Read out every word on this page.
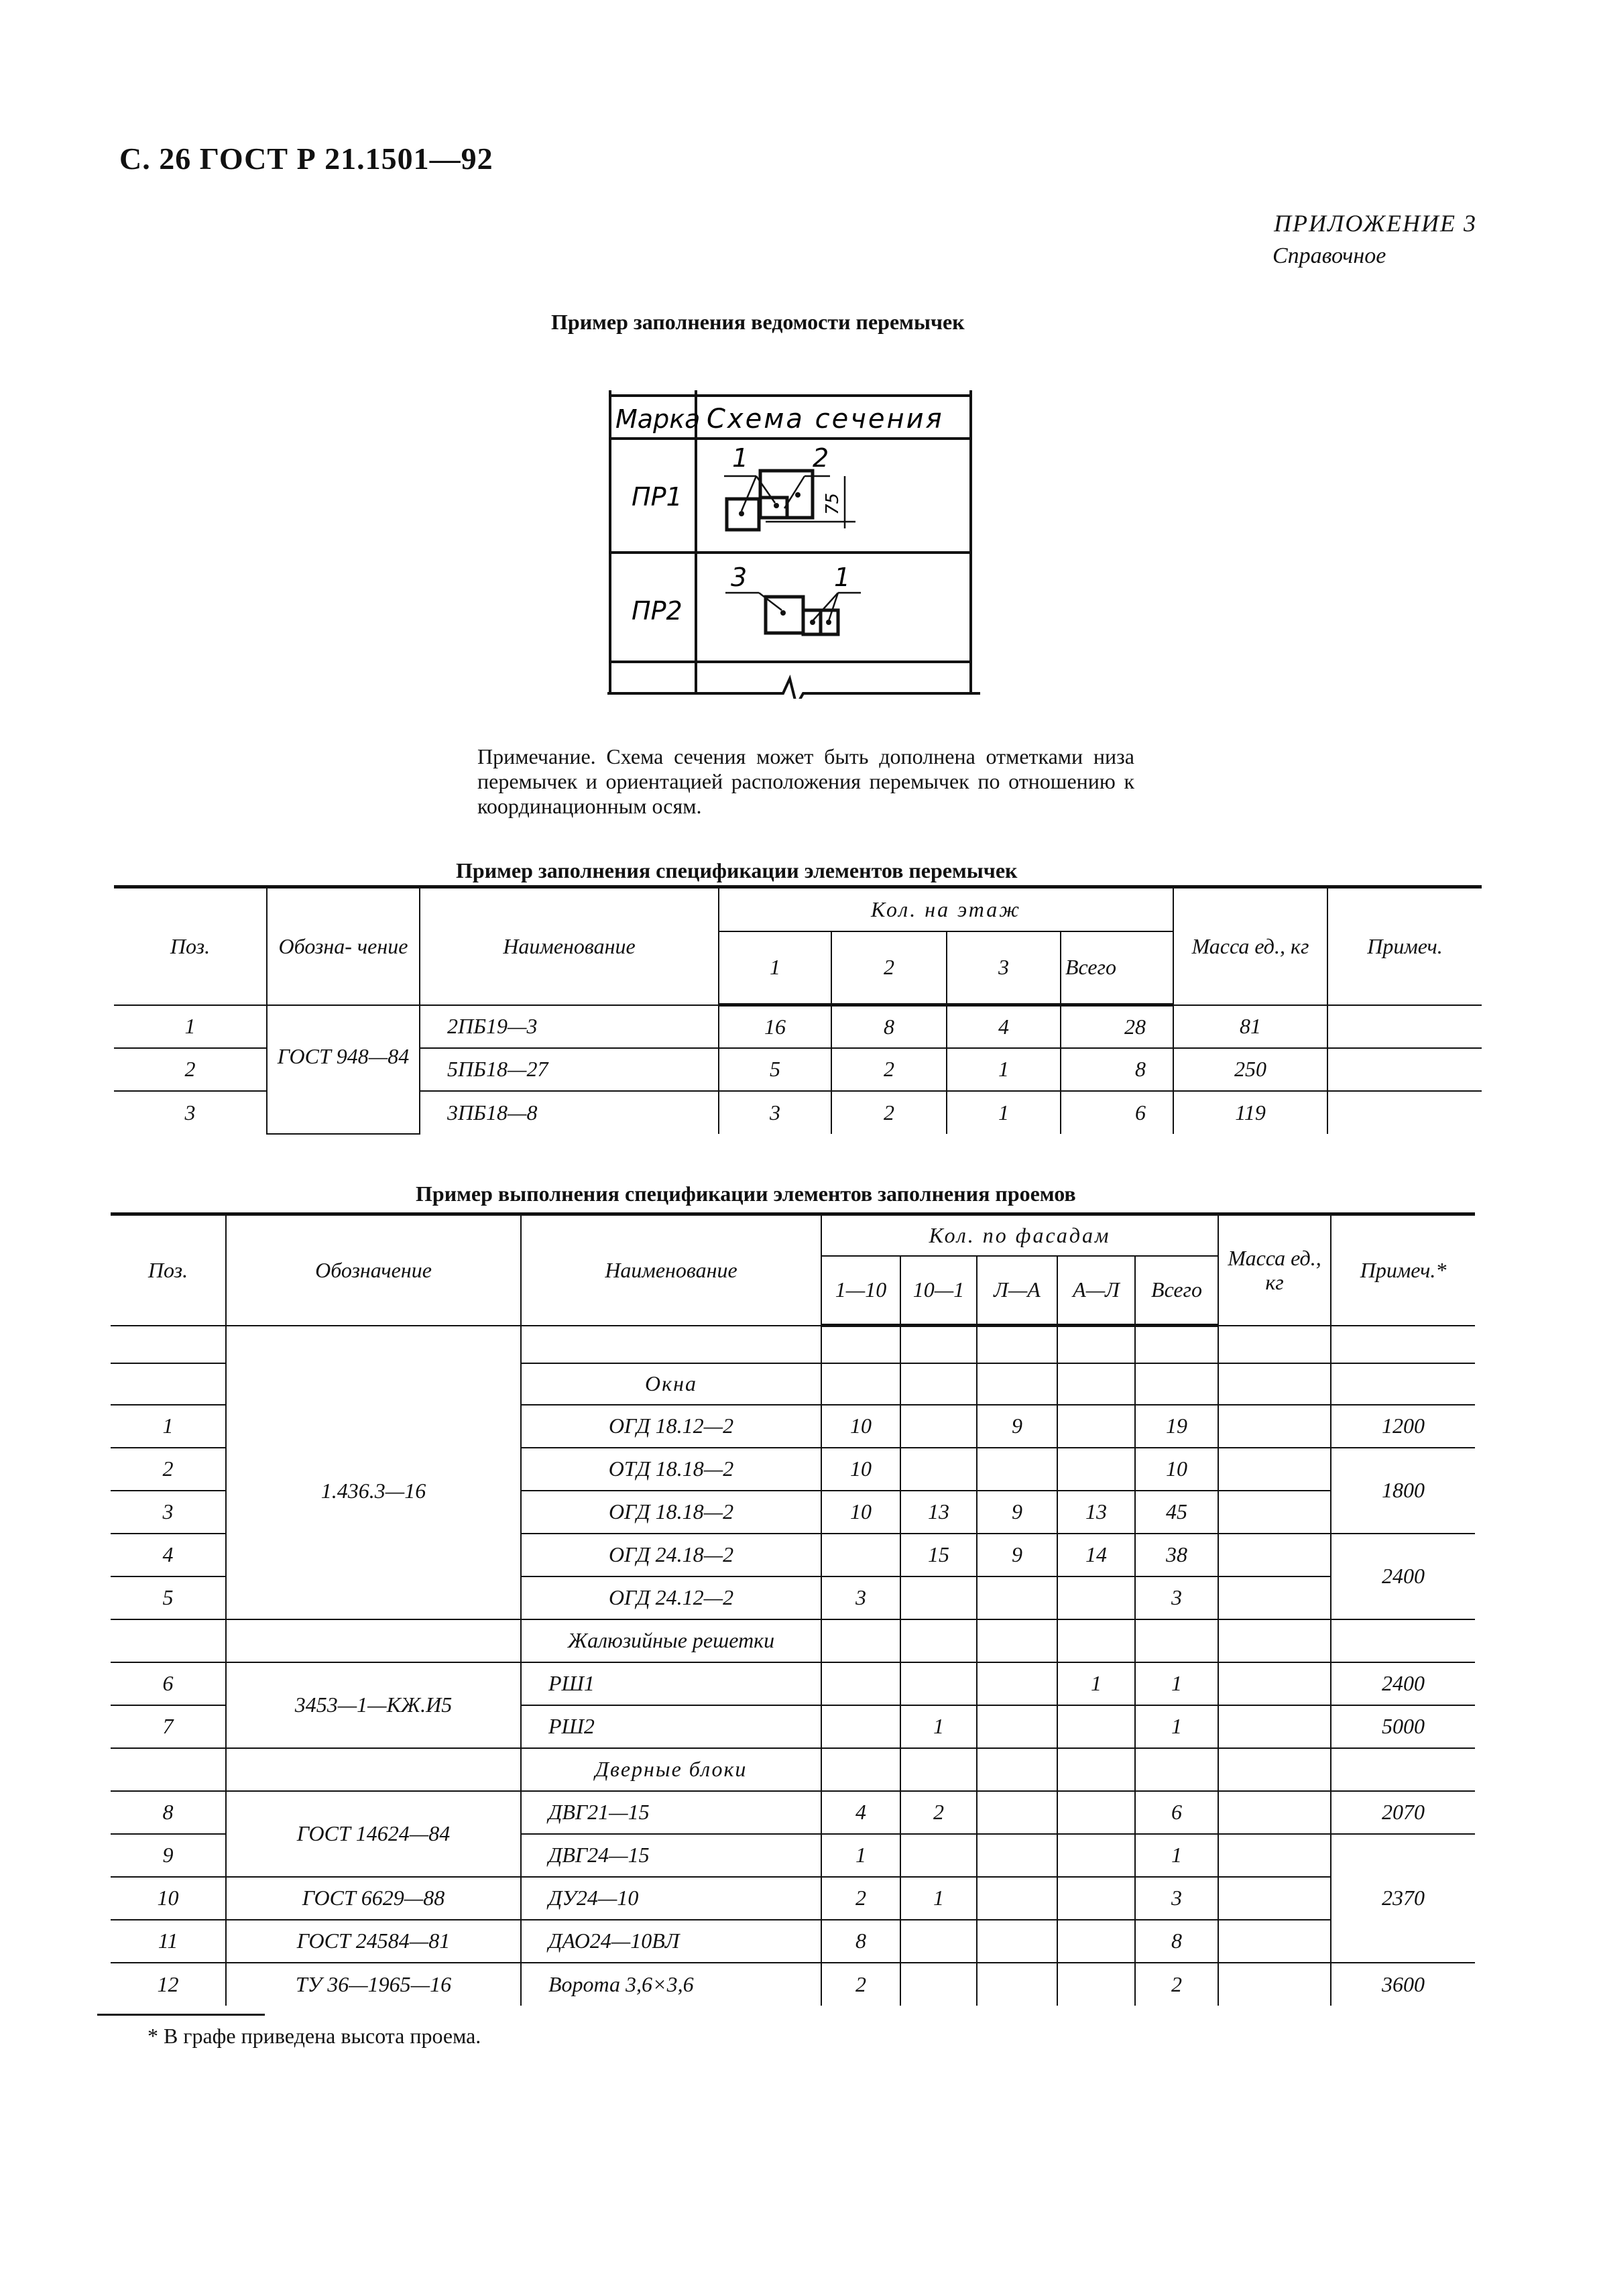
С. 26 ГОСТ Р 21.1501—92
ПРИЛОЖЕНИЕ 3
Справочное
Пример заполнения ведомости перемычек
Марка Схема сечения
ПР1
1	2
75
ПР2
3	1
Примечание. Схема сечения может быть дополнена отметками низа перемычек и ориентацией расположения перемычек по отношению к координационным осям.
Пример заполнения спецификации элементов перемычек
Поз.	Обозна- чение	Наименование	Кол. на этаж				Масса ед., кг	Примеч.
			1	2	3	Всего		
1	ГОСТ 948—84	2ПБ19—3	16	8	4	28	81	
2		5ПБ18—27	5	2	1	8	250	
3		3ПБ18—8	3	2	1	6	119	
Пример выполнения спецификации элементов заполнения проемов
Поз.	Обозначение	Наименование	Кол. по фасадам					Масса ед., кг	Примеч.*
			1—10	10—1	Л—А	А—Л	Всего		

	1.436.3—16	Окна							
1		ОГД 18.12—2	10		9		19		1200
2		ОТД 18.18—2	10				10		1800
3		ОГД 18.18—2	10	13	9	13	45		
4		ОГД 24.18—2		15	9	14	38		2400
5		ОГД 24.12—2	3				3		
		Жалюзийные решетки							
6	3453—1—КЖ.И5	РШ1				1	1		2400
7		РШ2		1			1		5000
		Дверные блоки							
8	ГОСТ 14624—84	ДВГ21—15	4	2			6		2070
9		ДВГ24—15	1				1		2370
10	ГОСТ 6629—88	ДУ24—10	2	1			3		
11	ГОСТ 24584—81	ДАО24—10ВЛ	8				8		
12	ТУ 36—1965—16	Ворота 3,6×3,6	2				2		3600
* В графе приведена высота проема.
